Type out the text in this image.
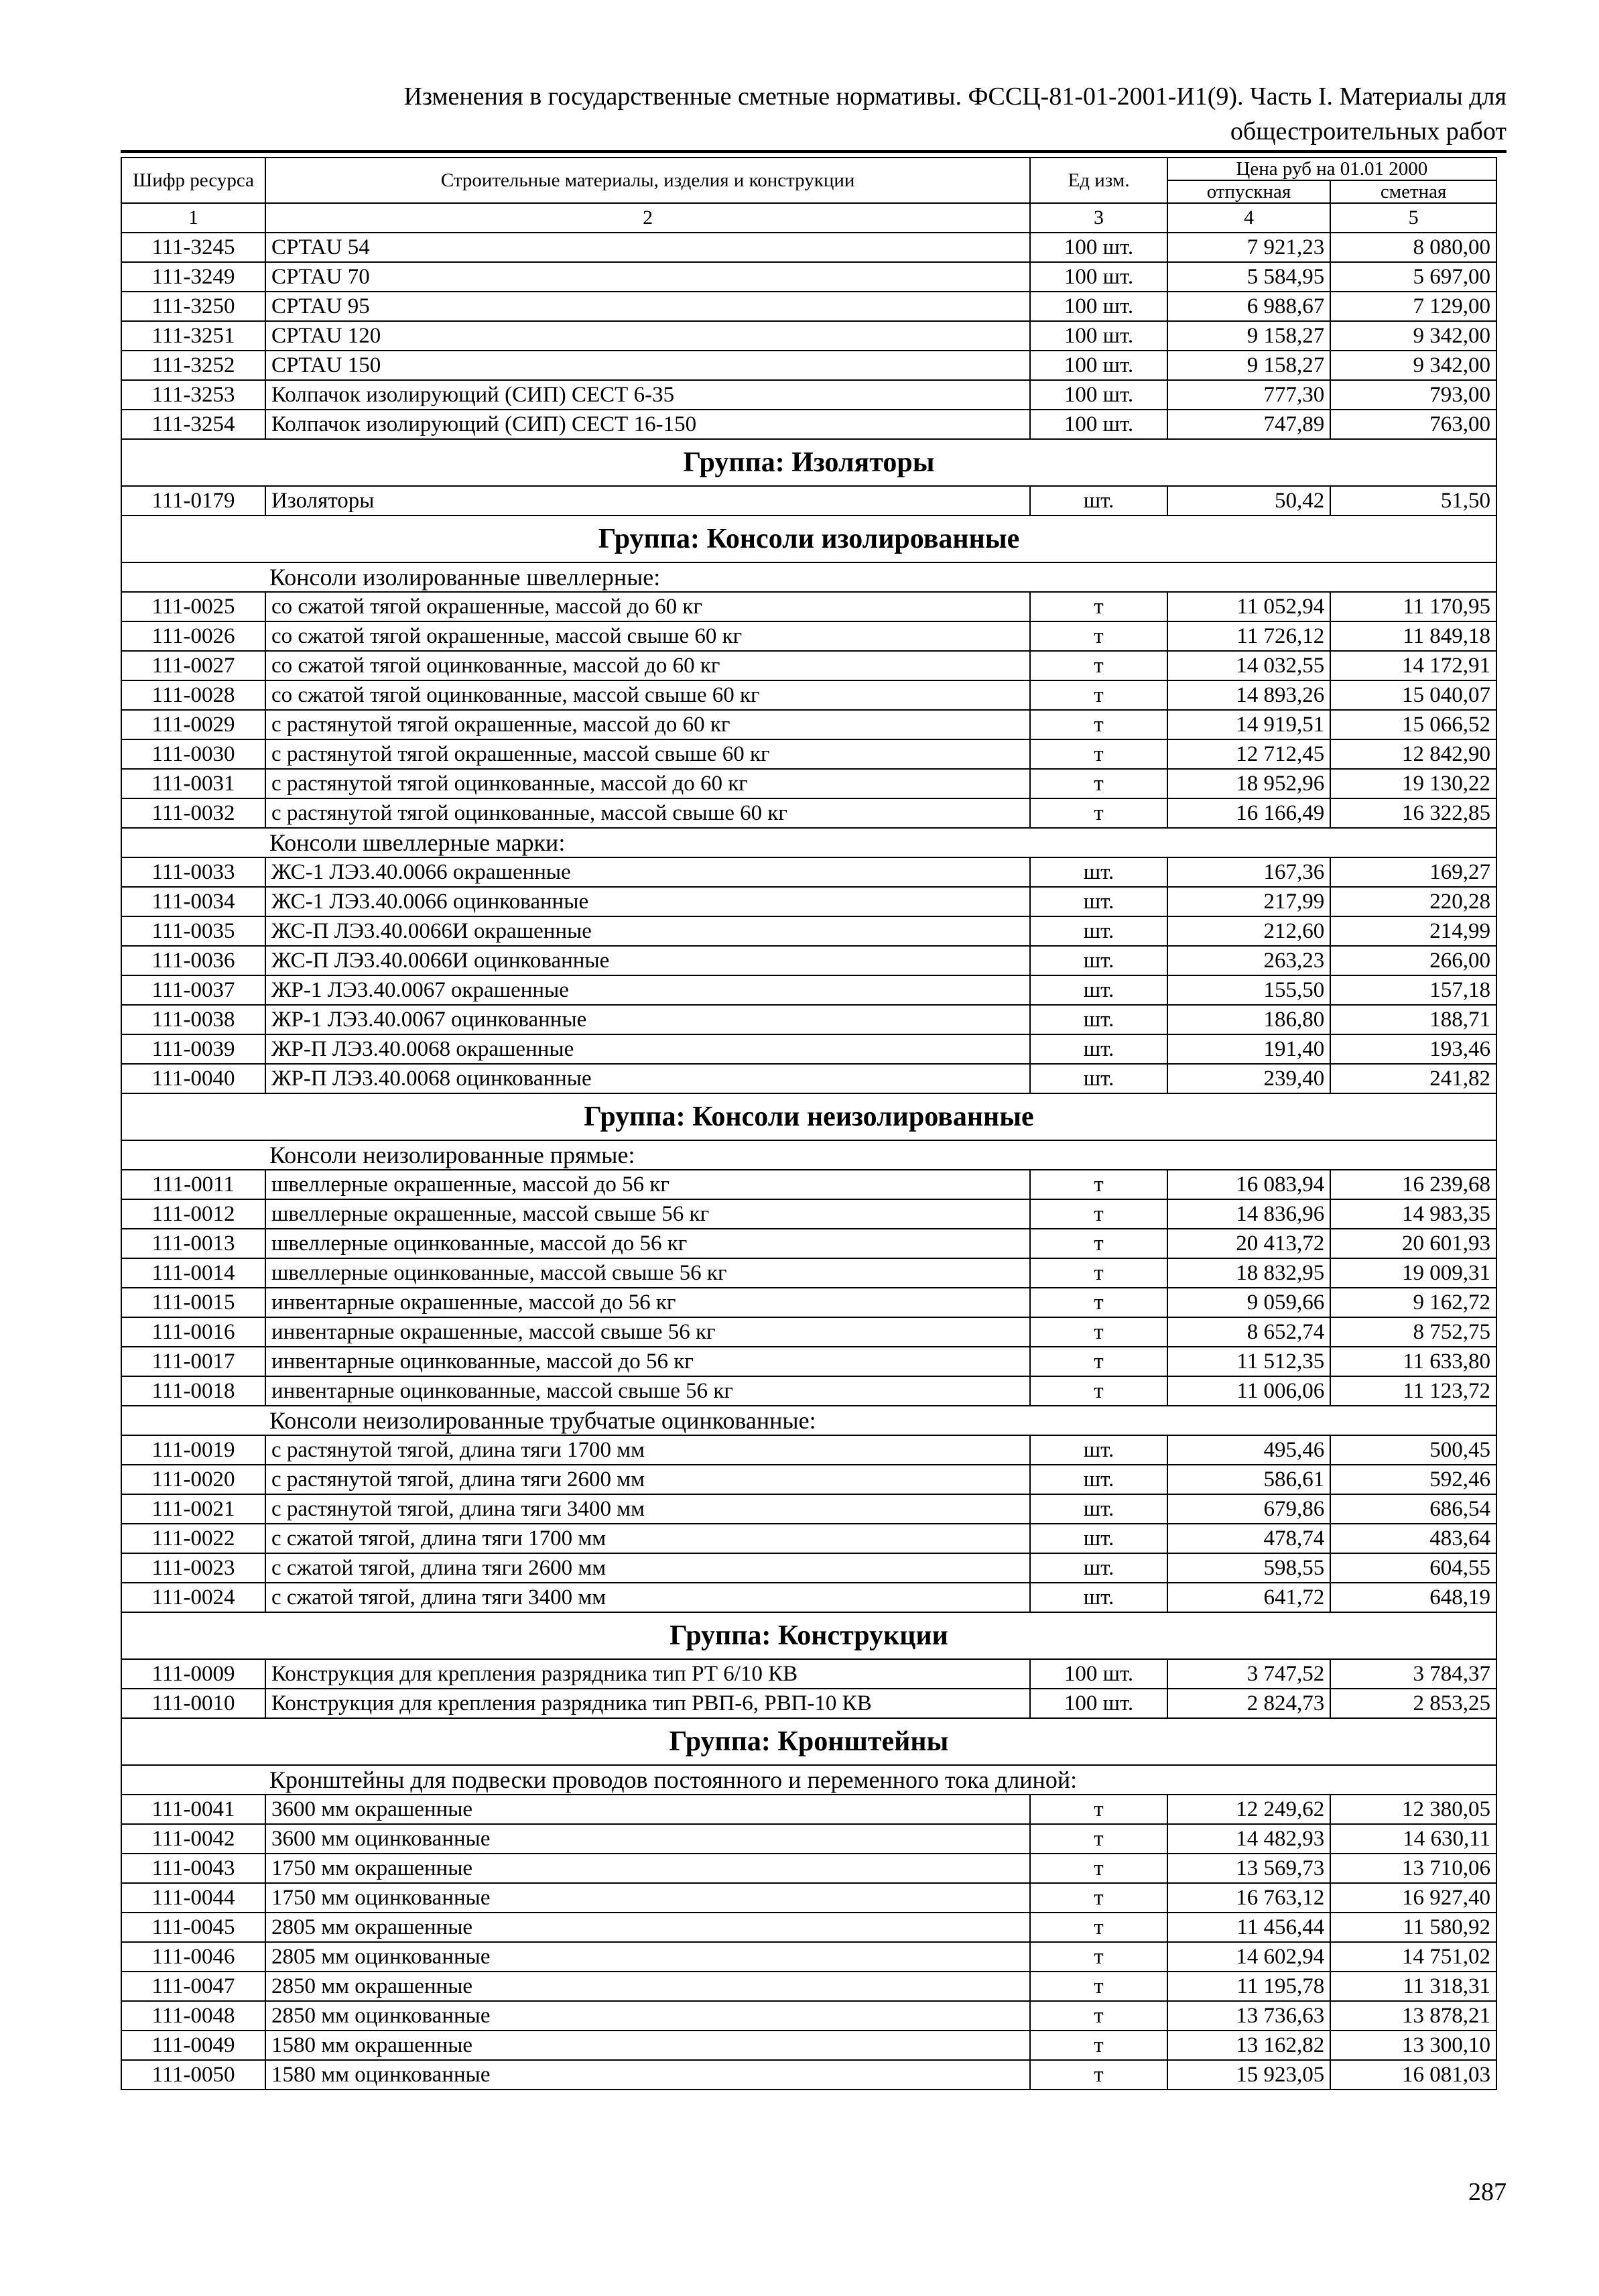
Изменения в государственные сметные нормативы. ФССЦ-81-01-2001-И1(9). Часть I. Материалы для
общестроительных работ
Шифр ресурса	Строительные материалы, изделия и конструкции	Ед изм.	Цена руб на 01.01 2000	
			отпускная	сметная
1	2	3	4	5
111-3245	CPTAU 54	100 шт.	7 921,23	8 080,00
111-3249	CPTAU 70	100 шт.	5 584,95	5 697,00
111-3250	CPTAU 95	100 шт.	6 988,67	7 129,00
111-3251	CPTAU 120	100 шт.	9 158,27	9 342,00
111-3252	CPTAU 150	100 шт.	9 158,27	9 342,00
111-3253	Колпачок изолирующий (СИП) СЕСТ 6-35	100 шт.	777,30	793,00
111-3254	Колпачок изолирующий (СИП) СЕСТ 16-150	100 шт.	747,89	763,00
Группа: Изоляторы				
111-0179	Изоляторы	шт.	50,42	51,50
Группа: Консоли изолированные				
Консоли изолированные швеллерные:				
111-0025	со сжатой тягой окрашенные, массой до 60 кг	т	11 052,94	11 170,95
111-0026	со сжатой тягой окрашенные, массой свыше 60 кг	т	11 726,12	11 849,18
111-0027	со сжатой тягой оцинкованные, массой до 60 кг	т	14 032,55	14 172,91
111-0028	со сжатой тягой оцинкованные, массой свыше 60 кг	т	14 893,26	15 040,07
111-0029	с растянутой тягой окрашенные, массой до 60 кг	т	14 919,51	15 066,52
111-0030	с растянутой тягой окрашенные, массой свыше 60 кг	т	12 712,45	12 842,90
111-0031	с растянутой тягой оцинкованные, массой до 60 кг	т	18 952,96	19 130,22
111-0032	с растянутой тягой оцинкованные, массой свыше 60 кг	т	16 166,49	16 322,85
Консоли швеллерные марки:				
111-0033	ЖС-1 ЛЭ3.40.0066 окрашенные	шт.	167,36	169,27
111-0034	ЖС-1 ЛЭ3.40.0066 оцинкованные	шт.	217,99	220,28
111-0035	ЖС-П ЛЭ3.40.0066И окрашенные	шт.	212,60	214,99
111-0036	ЖС-П ЛЭ3.40.0066И оцинкованные	шт.	263,23	266,00
111-0037	ЖР-1 ЛЭ3.40.0067 окрашенные	шт.	155,50	157,18
111-0038	ЖР-1 ЛЭ3.40.0067 оцинкованные	шт.	186,80	188,71
111-0039	ЖР-П ЛЭ3.40.0068 окрашенные	шт.	191,40	193,46
111-0040	ЖР-П ЛЭ3.40.0068 оцинкованные	шт.	239,40	241,82
Группа: Консоли неизолированные				
Консоли неизолированные прямые:				
111-0011	швеллерные окрашенные, массой до 56 кг	т	16 083,94	16 239,68
111-0012	швеллерные окрашенные, массой свыше 56 кг	т	14 836,96	14 983,35
111-0013	швеллерные оцинкованные, массой до 56 кг	т	20 413,72	20 601,93
111-0014	швеллерные оцинкованные, массой свыше 56 кг	т	18 832,95	19 009,31
111-0015	инвентарные окрашенные, массой до 56 кг	т	9 059,66	9 162,72
111-0016	инвентарные окрашенные, массой свыше 56 кг	т	8 652,74	8 752,75
111-0017	инвентарные оцинкованные, массой до 56 кг	т	11 512,35	11 633,80
111-0018	инвентарные оцинкованные, массой свыше 56 кг	т	11 006,06	11 123,72
Консоли неизолированные трубчатые оцинкованные:				
111-0019	с растянутой тягой, длина тяги 1700 мм	шт.	495,46	500,45
111-0020	с растянутой тягой, длина тяги 2600 мм	шт.	586,61	592,46
111-0021	с растянутой тягой, длина тяги 3400 мм	шт.	679,86	686,54
111-0022	с сжатой тягой, длина тяги 1700 мм	шт.	478,74	483,64
111-0023	с сжатой тягой, длина тяги 2600 мм	шт.	598,55	604,55
111-0024	с сжатой тягой, длина тяги 3400 мм	шт.	641,72	648,19
Группа: Конструкции				
111-0009	Конструкция для крепления разрядника тип РТ 6/10 КВ	100 шт.	3 747,52	3 784,37
111-0010	Конструкция для крепления разрядника тип РВП-6, РВП-10 КВ	100 шт.	2 824,73	2 853,25
Группа: Кронштейны				
Кронштейны для подвески проводов постоянного и переменного тока длиной:				
111-0041	3600 мм окрашенные	т	12 249,62	12 380,05
111-0042	3600 мм оцинкованные	т	14 482,93	14 630,11
111-0043	1750 мм окрашенные	т	13 569,73	13 710,06
111-0044	1750 мм оцинкованные	т	16 763,12	16 927,40
111-0045	2805 мм окрашенные	т	11 456,44	11 580,92
111-0046	2805 мм оцинкованные	т	14 602,94	14 751,02
111-0047	2850 мм окрашенные	т	11 195,78	11 318,31
111-0048	2850 мм оцинкованные	т	13 736,63	13 878,21
111-0049	1580 мм окрашенные	т	13 162,82	13 300,10
111-0050	1580 мм оцинкованные	т	15 923,05	16 081,03
287
